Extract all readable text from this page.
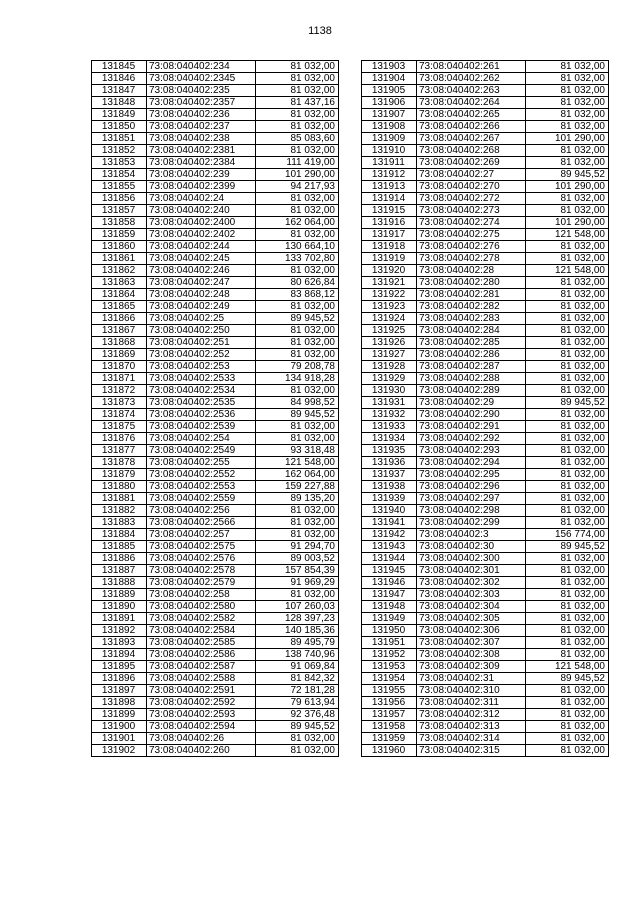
1138
131845	73:08:040402:234	81 032,00
131846	73:08:040402:2345	81 032,00
131847	73:08:040402:235	81 032,00
131848	73:08:040402:2357	81 437,16
131849	73:08:040402:236	81 032,00
131850	73:08:040402:237	81 032,00
131851	73:08:040402:238	85 083,60
131852	73:08:040402:2381	81 032,00
131853	73:08:040402:2384	111 419,00
131854	73:08:040402:239	101 290,00
131855	73:08:040402:2399	94 217,93
131856	73:08:040402:24	81 032,00
131857	73:08:040402:240	81 032,00
131858	73:08:040402:2400	162 064,00
131859	73:08:040402:2402	81 032,00
131860	73:08:040402:244	130 664,10
131861	73:08:040402:245	133 702,80
131862	73:08:040402:246	81 032,00
131863	73:08:040402:247	80 626,84
131864	73:08:040402:248	83 868,12
131865	73:08:040402:249	81 032,00
131866	73:08:040402:25	89 945,52
131867	73:08:040402:250	81 032,00
131868	73:08:040402:251	81 032,00
131869	73:08:040402:252	81 032,00
131870	73:08:040402:253	79 208,78
131871	73:08:040402:2533	134 918,28
131872	73:08:040402:2534	81 032,00
131873	73:08:040402:2535	84 998,52
131874	73:08:040402:2536	89 945,52
131875	73:08:040402:2539	81 032,00
131876	73:08:040402:254	81 032,00
131877	73:08:040402:2549	93 318,48
131878	73:08:040402:255	121 548,00
131879	73:08:040402:2552	162 064,00
131880	73:08:040402:2553	159 227,88
131881	73:08:040402:2559	89 135,20
131882	73:08:040402:256	81 032,00
131883	73:08:040402:2566	81 032,00
131884	73:08:040402:257	81 032,00
131885	73:08:040402:2575	91 294,70
131886	73:08:040402:2576	89 003,52
131887	73:08:040402:2578	157 854,39
131888	73:08:040402:2579	91 969,29
131889	73:08:040402:258	81 032,00
131890	73:08:040402:2580	107 260,03
131891	73:08:040402:2582	128 397,23
131892	73:08:040402:2584	140 185,36
131893	73:08:040402:2585	89 495,79
131894	73:08:040402:2586	138 740,96
131895	73:08:040402:2587	91 069,84
131896	73:08:040402:2588	81 842,32
131897	73:08:040402:2591	72 181,28
131898	73:08:040402:2592	79 613,94
131899	73:08:040402:2593	92 376,48
131900	73:08:040402:2594	89 945,52
131901	73:08:040402:26	81 032,00
131902	73:08:040402:260	81 032,00
131903	73:08:040402:261	81 032,00
131904	73:08:040402:262	81 032,00
131905	73:08:040402:263	81 032,00
131906	73:08:040402:264	81 032,00
131907	73:08:040402:265	81 032,00
131908	73:08:040402:266	81 032,00
131909	73:08:040402:267	101 290,00
131910	73:08:040402:268	81 032,00
131911	73:08:040402:269	81 032,00
131912	73:08:040402:27	89 945,52
131913	73:08:040402:270	101 290,00
131914	73:08:040402:272	81 032,00
131915	73:08:040402:273	81 032,00
131916	73:08:040402:274	101 290,00
131917	73:08:040402:275	121 548,00
131918	73:08:040402:276	81 032,00
131919	73:08:040402:278	81 032,00
131920	73:08:040402:28	121 548,00
131921	73:08:040402:280	81 032,00
131922	73:08:040402:281	81 032,00
131923	73:08:040402:282	81 032,00
131924	73:08:040402:283	81 032,00
131925	73:08:040402:284	81 032,00
131926	73:08:040402:285	81 032,00
131927	73:08:040402:286	81 032,00
131928	73:08:040402:287	81 032,00
131929	73:08:040402:288	81 032,00
131930	73:08:040402:289	81 032,00
131931	73:08:040402:29	89 945,52
131932	73:08:040402:290	81 032,00
131933	73:08:040402:291	81 032,00
131934	73:08:040402:292	81 032,00
131935	73:08:040402:293	81 032,00
131936	73:08:040402:294	81 032,00
131937	73:08:040402:295	81 032,00
131938	73:08:040402:296	81 032,00
131939	73:08:040402:297	81 032,00
131940	73:08:040402:298	81 032,00
131941	73:08:040402:299	81 032,00
131942	73:08:040402:3	156 774,00
131943	73:08:040402:30	89 945,52
131944	73:08:040402:300	81 032,00
131945	73:08:040402:301	81 032,00
131946	73:08:040402:302	81 032,00
131947	73:08:040402:303	81 032,00
131948	73:08:040402:304	81 032,00
131949	73:08:040402:305	81 032,00
131950	73:08:040402:306	81 032,00
131951	73:08:040402:307	81 032,00
131952	73:08:040402:308	81 032,00
131953	73:08:040402:309	121 548,00
131954	73:08:040402:31	89 945,52
131955	73:08:040402:310	81 032,00
131956	73:08:040402:311	81 032,00
131957	73:08:040402:312	81 032,00
131958	73:08:040402:313	81 032,00
131959	73:08:040402:314	81 032,00
131960	73:08:040402:315	81 032,00
